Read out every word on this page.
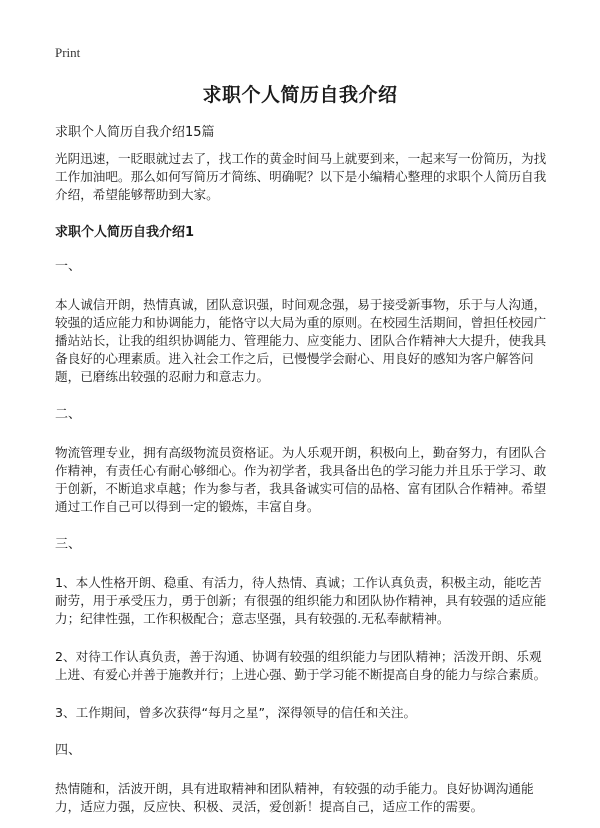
Print
求职个人简历自我介绍

求职个人简历自我介绍15篇

光阴迅速，一眨眼就过去了，找工作的黄金时间马上就要到来，一起来写一份简历，为找工作加油吧。那么如何写简历才简练、明确呢？以下是小编精心整理的求职个人简历自我介绍，希望能够帮助到大家。

求职个人简历自我介绍1

一、

本人诚信开朗，热情真诚，团队意识强，时间观念强，易于接受新事物，乐于与人沟通，较强的适应能力和协调能力，能恪守以大局为重的原则。在校园生活期间，曾担任校园广播站站长，让我的组织协调能力、管理能力、应变能力、团队合作精神大大提升，使我具备良好的心理素质。进入社会工作之后，已慢慢学会耐心、用良好的感知为客户解答问题，已磨练出较强的忍耐力和意志力。

二、

物流管理专业，拥有高级物流员资格证。为人乐观开朗，积极向上，勤奋努力，有团队合作精神，有责任心有耐心够细心。作为初学者，我具备出色的学习能力并且乐于学习、敢于创新，不断追求卓越；作为参与者，我具备诚实可信的品格、富有团队合作精神。希望通过工作自己可以得到一定的锻炼，丰富自身。

三、

1、本人性格开朗、稳重、有活力，待人热情、真诚；工作认真负责，积极主动，能吃苦耐劳，用于承受压力，勇于创新；有很强的组织能力和团队协作精神，具有较强的适应能力；纪律性强，工作积极配合；意志坚强，具有较强的.无私奉献精神。

2、对待工作认真负责，善于沟通、协调有较强的组织能力与团队精神；活泼开朗、乐观上进、有爱心并善于施教并行；上进心强、勤于学习能不断提高自身的能力与综合素质。

3、工作期间，曾多次获得“每月之星”，深得领导的信任和关注。

四、

热情随和，活波开朗，具有进取精神和团队精神，有较强的动手能力。良好协调沟通能力，适应力强，反应快、积极、灵活，爱创新！提高自己，适应工作的需要。
